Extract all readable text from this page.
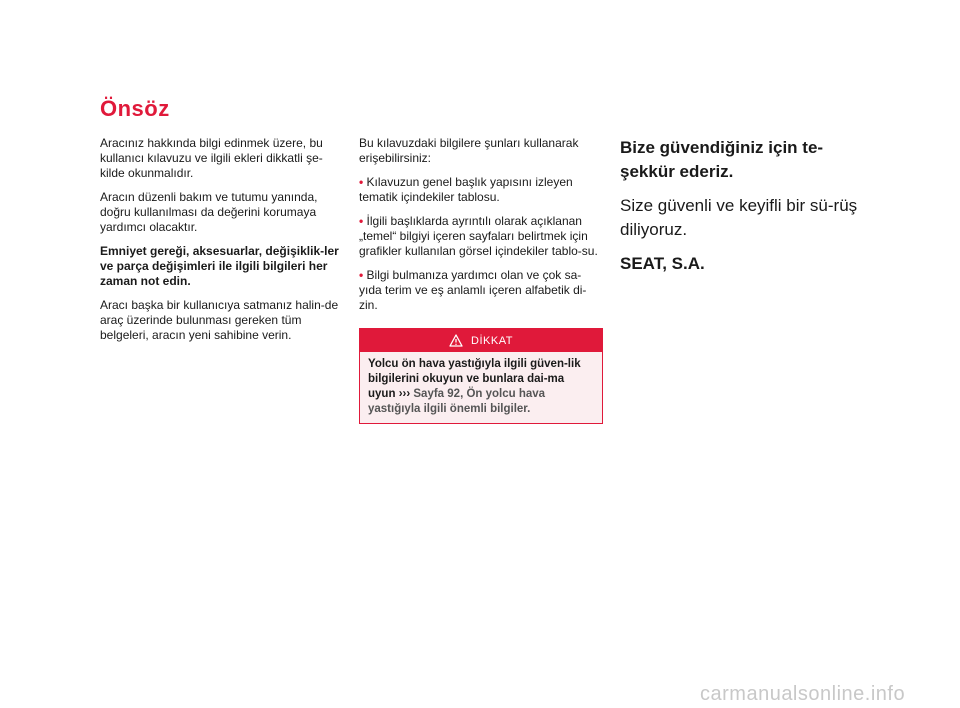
Önsöz

Aracınız hakkında bilgi edinmek üzere, bu kullanıcı kılavuzu ve ilgili ekleri dikkatli şe-kilde okunmalıdır.

Aracın düzenli bakım ve tutumu yanında, doğru kullanılması da değerini korumaya yardımcı olacaktır.

Emniyet gereği, aksesuarlar, değişiklik-ler ve parça değişimleri ile ilgili bilgileri her zaman not edin.

Aracı başka bir kullanıcıya satmanız halin-de araç üzerinde bulunması gereken tüm belgeleri, aracın yeni sahibine verin.

Bu kılavuzdaki bilgilere şunları kullanarak erişebilirsiniz:

• Kılavuzun genel başlık yapısını izleyen tematik içindekiler tablosu.
• İlgili başlıklarda ayrıntılı olarak açıklanan „temel“ bilgiyi içeren sayfaları belirtmek için grafikler kullanılan görsel içindekiler tablo-su.
• Bilgi bulmanıza yardımcı olan ve çok sa-yıda terim ve eş anlamlı içeren alfabetik di-zin.
DİKKAT
Yolcu ön hava yastığıyla ilgili güven-lik bilgilerini okuyun ve bunlara dai-ma uyun ››› Sayfa 92, Ön yolcu hava yastığıyla ilgili önemli bilgiler.
Bize güvendiğiniz için te-şekkür ederiz.
Size güvenli ve keyifli bir sü-rüş diliyoruz.
SEAT, S.A.
carmanualsonline.info
